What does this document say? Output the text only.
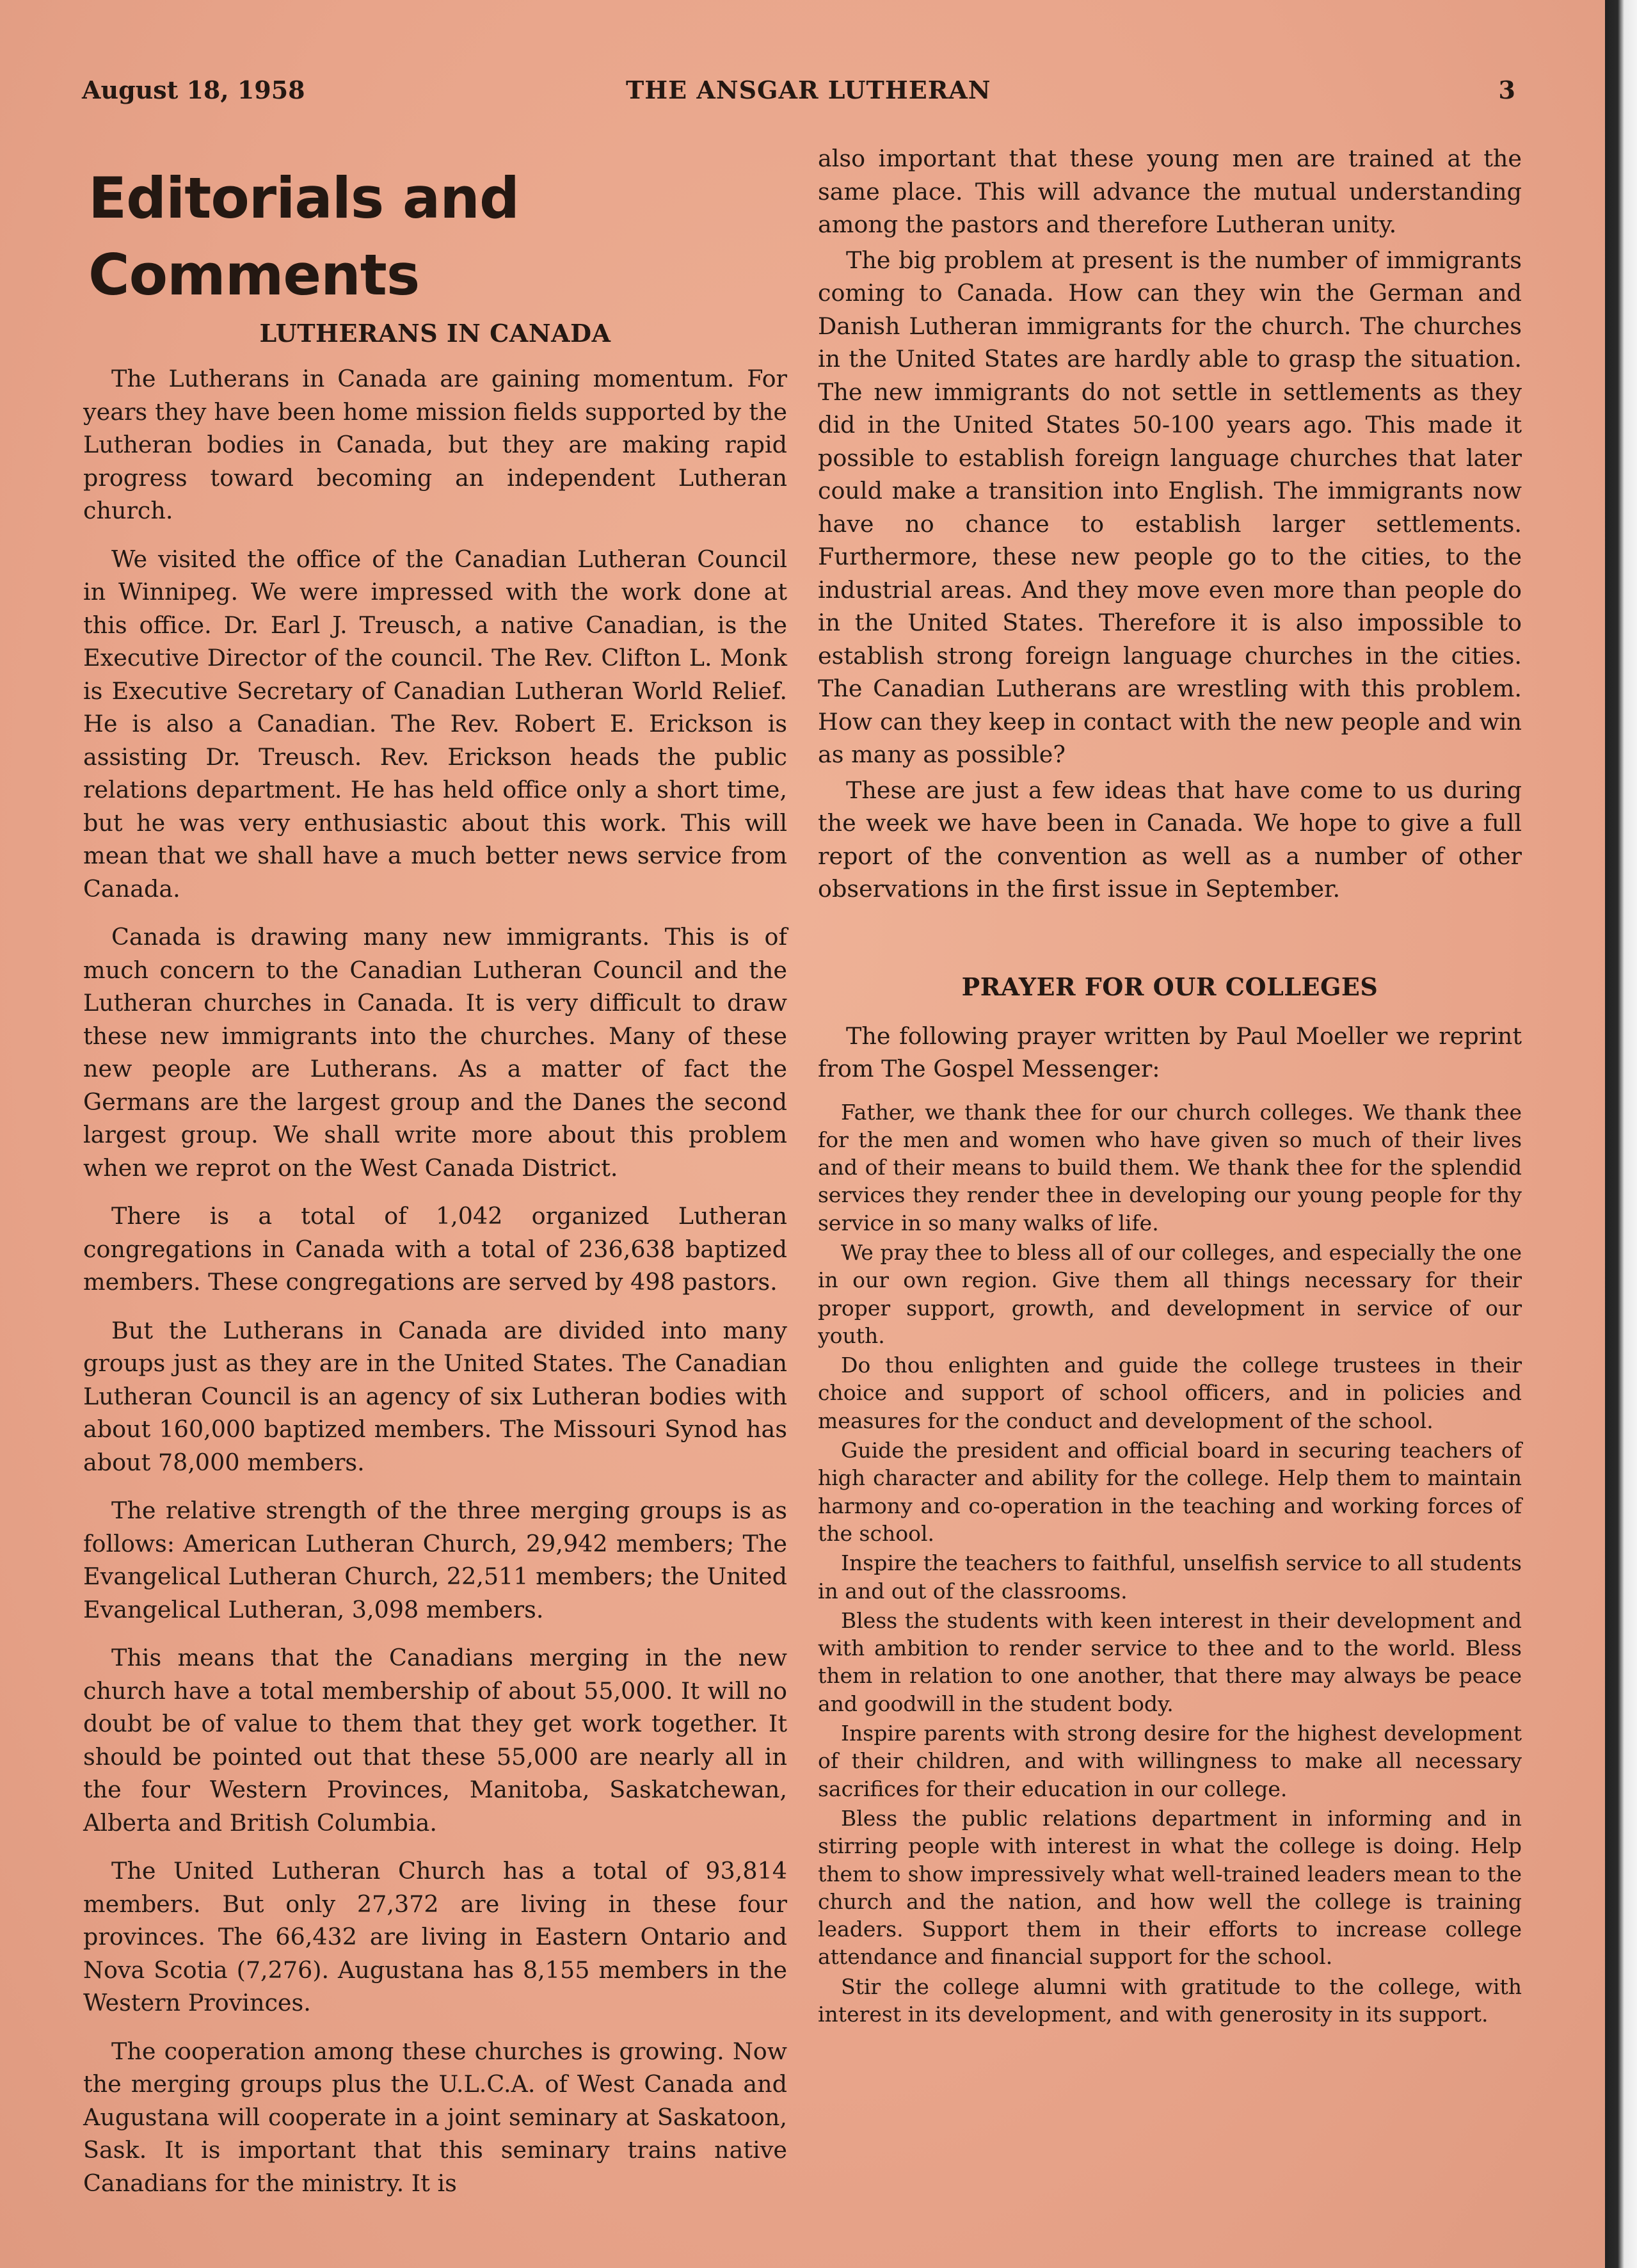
August 18, 1958	THE ANSGAR LUTHERAN	3
Editorials and Comments
LUTHERANS IN CANADA

The Lutherans in Canada are gaining momentum. For years they have been home mission fields supported by the Lutheran bodies in Canada, but they are making rapid progress toward becoming an independent Lutheran church.

We visited the office of the Canadian Lutheran Council in Winnipeg. We were impressed with the work done at this office. Dr. Earl J. Treusch, a native Canadian, is the Executive Director of the council. The Rev. Clifton L. Monk is Executive Secretary of Canadian Lutheran World Relief. He is also a Canadian. The Rev. Robert E. Erickson is assisting Dr. Treusch. Rev. Erickson heads the public relations department. He has held office only a short time, but he was very enthusiastic about this work. This will mean that we shall have a much better news service from Canada.

Canada is drawing many new immigrants. This is of much concern to the Canadian Lutheran Council and the Lutheran churches in Canada. It is very difficult to draw these new immigrants into the churches. Many of these new people are Lutherans. As a matter of fact the Germans are the largest group and the Danes the second largest group. We shall write more about this problem when we reprot on the West Canada District.

There is a total of 1,042 organized Lutheran congregations in Canada with a total of 236,638 baptized members. These congregations are served by 498 pastors.

But the Lutherans in Canada are divided into many groups just as they are in the United States. The Canadian Lutheran Council is an agency of six Lutheran bodies with about 160,000 baptized members. The Missouri Synod has about 78,000 members.

The relative strength of the three merging groups is as follows: American Lutheran Church, 29,942 members; The Evangelical Lutheran Church, 22,511 members; the United Evangelical Lutheran, 3,098 members.

This means that the Canadians merging in the new church have a total membership of about 55,000. It will no doubt be of value to them that they get work together. It should be pointed out that these 55,000 are nearly all in the four Western Provinces, Manitoba, Saskatchewan, Alberta and British Columbia.

The United Lutheran Church has a total of 93,814 members. But only 27,372 are living in these four provinces. The 66,432 are living in Eastern Ontario and Nova Scotia (7,276). Augustana has 8,155 members in the Western Provinces.

The cooperation among these churches is growing. Now the merging groups plus the U.L.C.A. of West Canada and Augustana will cooperate in a joint seminary at Saskatoon, Sask. It is important that this seminary trains native Canadians for the ministry. It is

also important that these young men are trained at the same place. This will advance the mutual understanding among the pastors and therefore Lutheran unity.

The big problem at present is the number of immigrants coming to Canada. How can they win the German and Danish Lutheran immigrants for the church. The churches in the United States are hardly able to grasp the situation. The new immigrants do not settle in settlements as they did in the United States 50-100 years ago. This made it possible to establish foreign language churches that later could make a transition into English. The immigrants now have no chance to establish larger settlements. Furthermore, these new people go to the cities, to the industrial areas. And they move even more than people do in the United States. Therefore it is also impossible to establish strong foreign language churches in the cities. The Canadian Lutherans are wrestling with this problem. How can they keep in contact with the new people and win as many as possible?

These are just a few ideas that have come to us during the week we have been in Canada. We hope to give a full report of the convention as well as a number of other observations in the first issue in September.

PRAYER FOR OUR COLLEGES

The following prayer written by Paul Moeller we reprint from The Gospel Messenger:

Father, we thank thee for our church colleges. We thank thee for the men and women who have given so much of their lives and of their means to build them. We thank thee for the splendid services they render thee in developing our young people for thy service in so many walks of life.

We pray thee to bless all of our colleges, and especially the one in our own region. Give them all things necessary for their proper support, growth, and development in service of our youth.

Do thou enlighten and guide the college trustees in their choice and support of school officers, and in policies and measures for the conduct and development of the school.

Guide the president and official board in securing teachers of high character and ability for the college. Help them to maintain harmony and co-operation in the teaching and working forces of the school.

Inspire the teachers to faithful, unselfish service to all students in and out of the classrooms.

Bless the students with keen interest in their development and with ambition to render service to thee and to the world. Bless them in relation to one another, that there may always be peace and goodwill in the student body.

Inspire parents with strong desire for the highest development of their children, and with willingness to make all necessary sacrifices for their education in our college.

Bless the public relations department in informing and in stirring people with interest in what the college is doing. Help them to show impressively what well-trained leaders mean to the church and the nation, and how well the college is training leaders. Support them in their efforts to increase college attendance and financial support for the school.

Stir the college alumni with gratitude to the college, with interest in its development, and with generosity in its support.
